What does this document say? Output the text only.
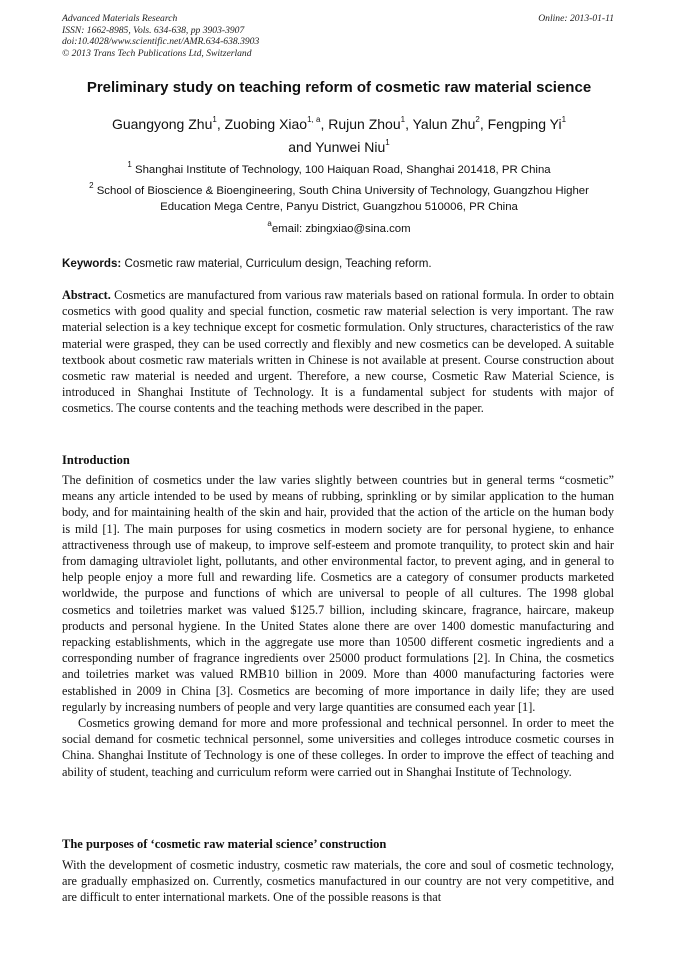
Advanced Materials Research
ISSN: 1662-8985, Vols. 634-638, pp 3903-3907
doi:10.4028/www.scientific.net/AMR.634-638.3903
© 2013 Trans Tech Publications Ltd, Switzerland
Online: 2013-01-11
Preliminary study on teaching reform of cosmetic raw material science
Guangyong Zhu$^1$, Zuobing Xiao$^{1, a}$, Rujun Zhou$^1$, Yalun Zhu$^2$, Fengping Yi$^1$
and Yunwei Niu$^1$
$^1$ Shanghai Institute of Technology, 100 Haiquan Road, Shanghai 201418, PR China
$^2$ School of Bioscience & Bioengineering, South China University of Technology, Guangzhou Higher
Education Mega Centre, Panyu District, Guangzhou 510006, PR China
$^a$email: zbingxiao@sina.com
Keywords: Cosmetic raw material, Curriculum design, Teaching reform.
Abstract. Cosmetics are manufactured from various raw materials based on rational formula. In order to obtain cosmetics with good quality and special function, cosmetic raw material selection is very important. The raw material selection is a key technique except for cosmetic formulation. Only structures, characteristics of the raw material were grasped, they can be used correctly and flexibly and new cosmetics can be developed. A suitable textbook about cosmetic raw materials written in Chinese is not available at present. Course construction about cosmetic raw material is needed and urgent. Therefore, a new course, Cosmetic Raw Material Science, is introduced in Shanghai Institute of Technology. It is a fundamental subject for students with major of cosmetics. The course contents and the teaching methods were described in the paper.
Introduction
The definition of cosmetics under the law varies slightly between countries but in general terms “cosmetic” means any article intended to be used by means of rubbing, sprinkling or by similar application to the human body, and for maintaining health of the skin and hair, provided that the action of the article on the human body is mild [1]. The main purposes for using cosmetics in modern society are for personal hygiene, to enhance attractiveness through use of makeup, to improve self-esteem and promote tranquility, to protect skin and hair from damaging ultraviolet light, pollutants, and other environmental factor, to prevent aging, and in general to help people enjoy a more full and rewarding life. Cosmetics are a category of consumer products marketed worldwide, the purpose and functions of which are universal to people of all cultures. The 1998 global cosmetics and toiletries market was valued $125.7 billion, including skincare, fragrance, haircare, makeup products and personal hygiene. In the United States alone there are over 1400 domestic manufacturing and repacking establishments, which in the aggregate use more than 10500 different cosmetic ingredients and a corresponding number of fragrance ingredients over 25000 product formulations [2]. In China, the cosmetics and toiletries market was valued RMB10 billion in 2009. More than 4000 manufacturing factories were established in 2009 in China [3]. Cosmetics are becoming of more importance in daily life; they are used regularly by increasing numbers of people and very large quantities are consumed each year [1].
Cosmetics growing demand for more and more professional and technical personnel. In order to meet the social demand for cosmetic technical personnel, some universities and colleges introduce cosmetic courses in China. Shanghai Institute of Technology is one of these colleges. In order to improve the effect of teaching and ability of student, teaching and curriculum reform were carried out in Shanghai Institute of Technology.
The purposes of ‘cosmetic raw material science’ construction
With the development of cosmetic industry, cosmetic raw materials, the core and soul of cosmetic technology, are gradually emphasized on. Currently, cosmetics manufactured in our country are not very competitive, and are difficult to enter international markets. One of the possible reasons is that
